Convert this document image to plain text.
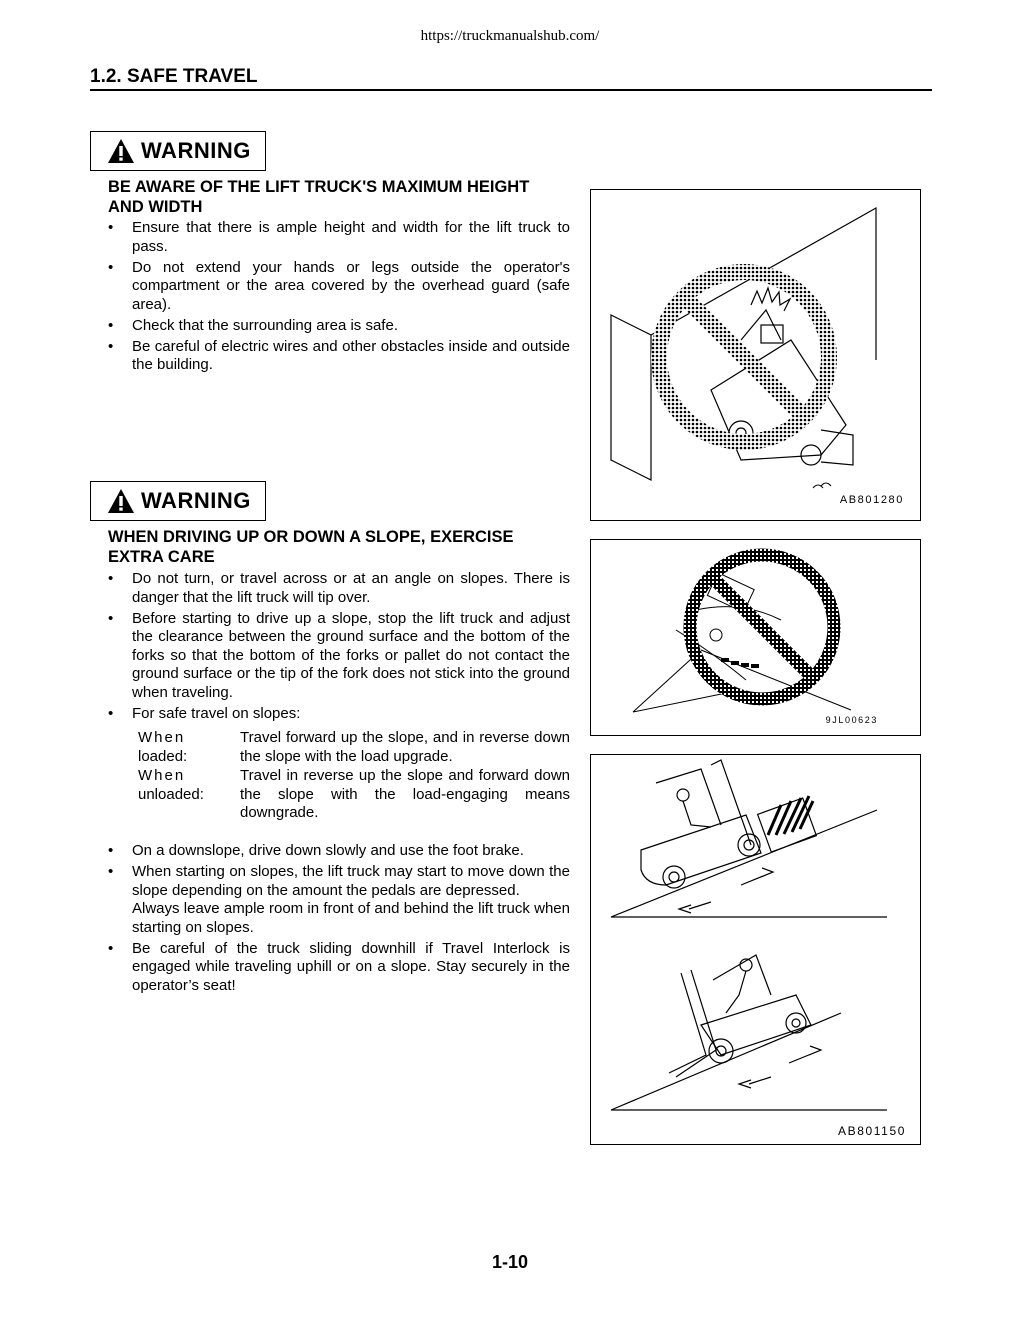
https://truckmanualshub.com/
1.2. SAFE TRAVEL
WARNING
BE AWARE OF THE LIFT TRUCK'S MAXIMUM HEIGHT
AND WIDTH
• Ensure that there is ample height and width for the lift truck to pass.
• Do not extend your hands or legs outside the operator's compartment or the area covered by the overhead guard (safe area).
• Check that the surrounding area is safe.
• Be careful of electric wires and other obstacles inside and outside the building.
AB801280
WARNING
WHEN DRIVING UP OR DOWN A SLOPE, EXERCISE
EXTRA CARE
• Do not turn, or travel across or at an angle on slopes. There is danger that the lift truck will tip over.
• Before starting to drive up a slope, stop the lift truck and adjust the clearance between the ground surface and the bottom of the forks so that the bottom of the forks or pallet do not contact the ground surface or the tip of the fork does not stick into the ground when traveling.
• For safe travel on slopes:
When
loaded:
Travel forward up the slope, and in reverse down the slope with the load upgrade.
When
unloaded:
Travel in reverse up the slope and forward down the slope with the load-engaging means downgrade.
• On a downslope, drive down slowly and use the foot brake.
• When starting on slopes, the lift truck may start to move down the slope depending on the amount the pedals are depressed.
Always leave ample room in front of and behind the lift truck when starting on slopes.
• Be careful of the truck sliding downhill if Travel Interlock is engaged while traveling uphill or on a slope. Stay securely in the operator’s seat!
9JL00623
AB801150
1-10
